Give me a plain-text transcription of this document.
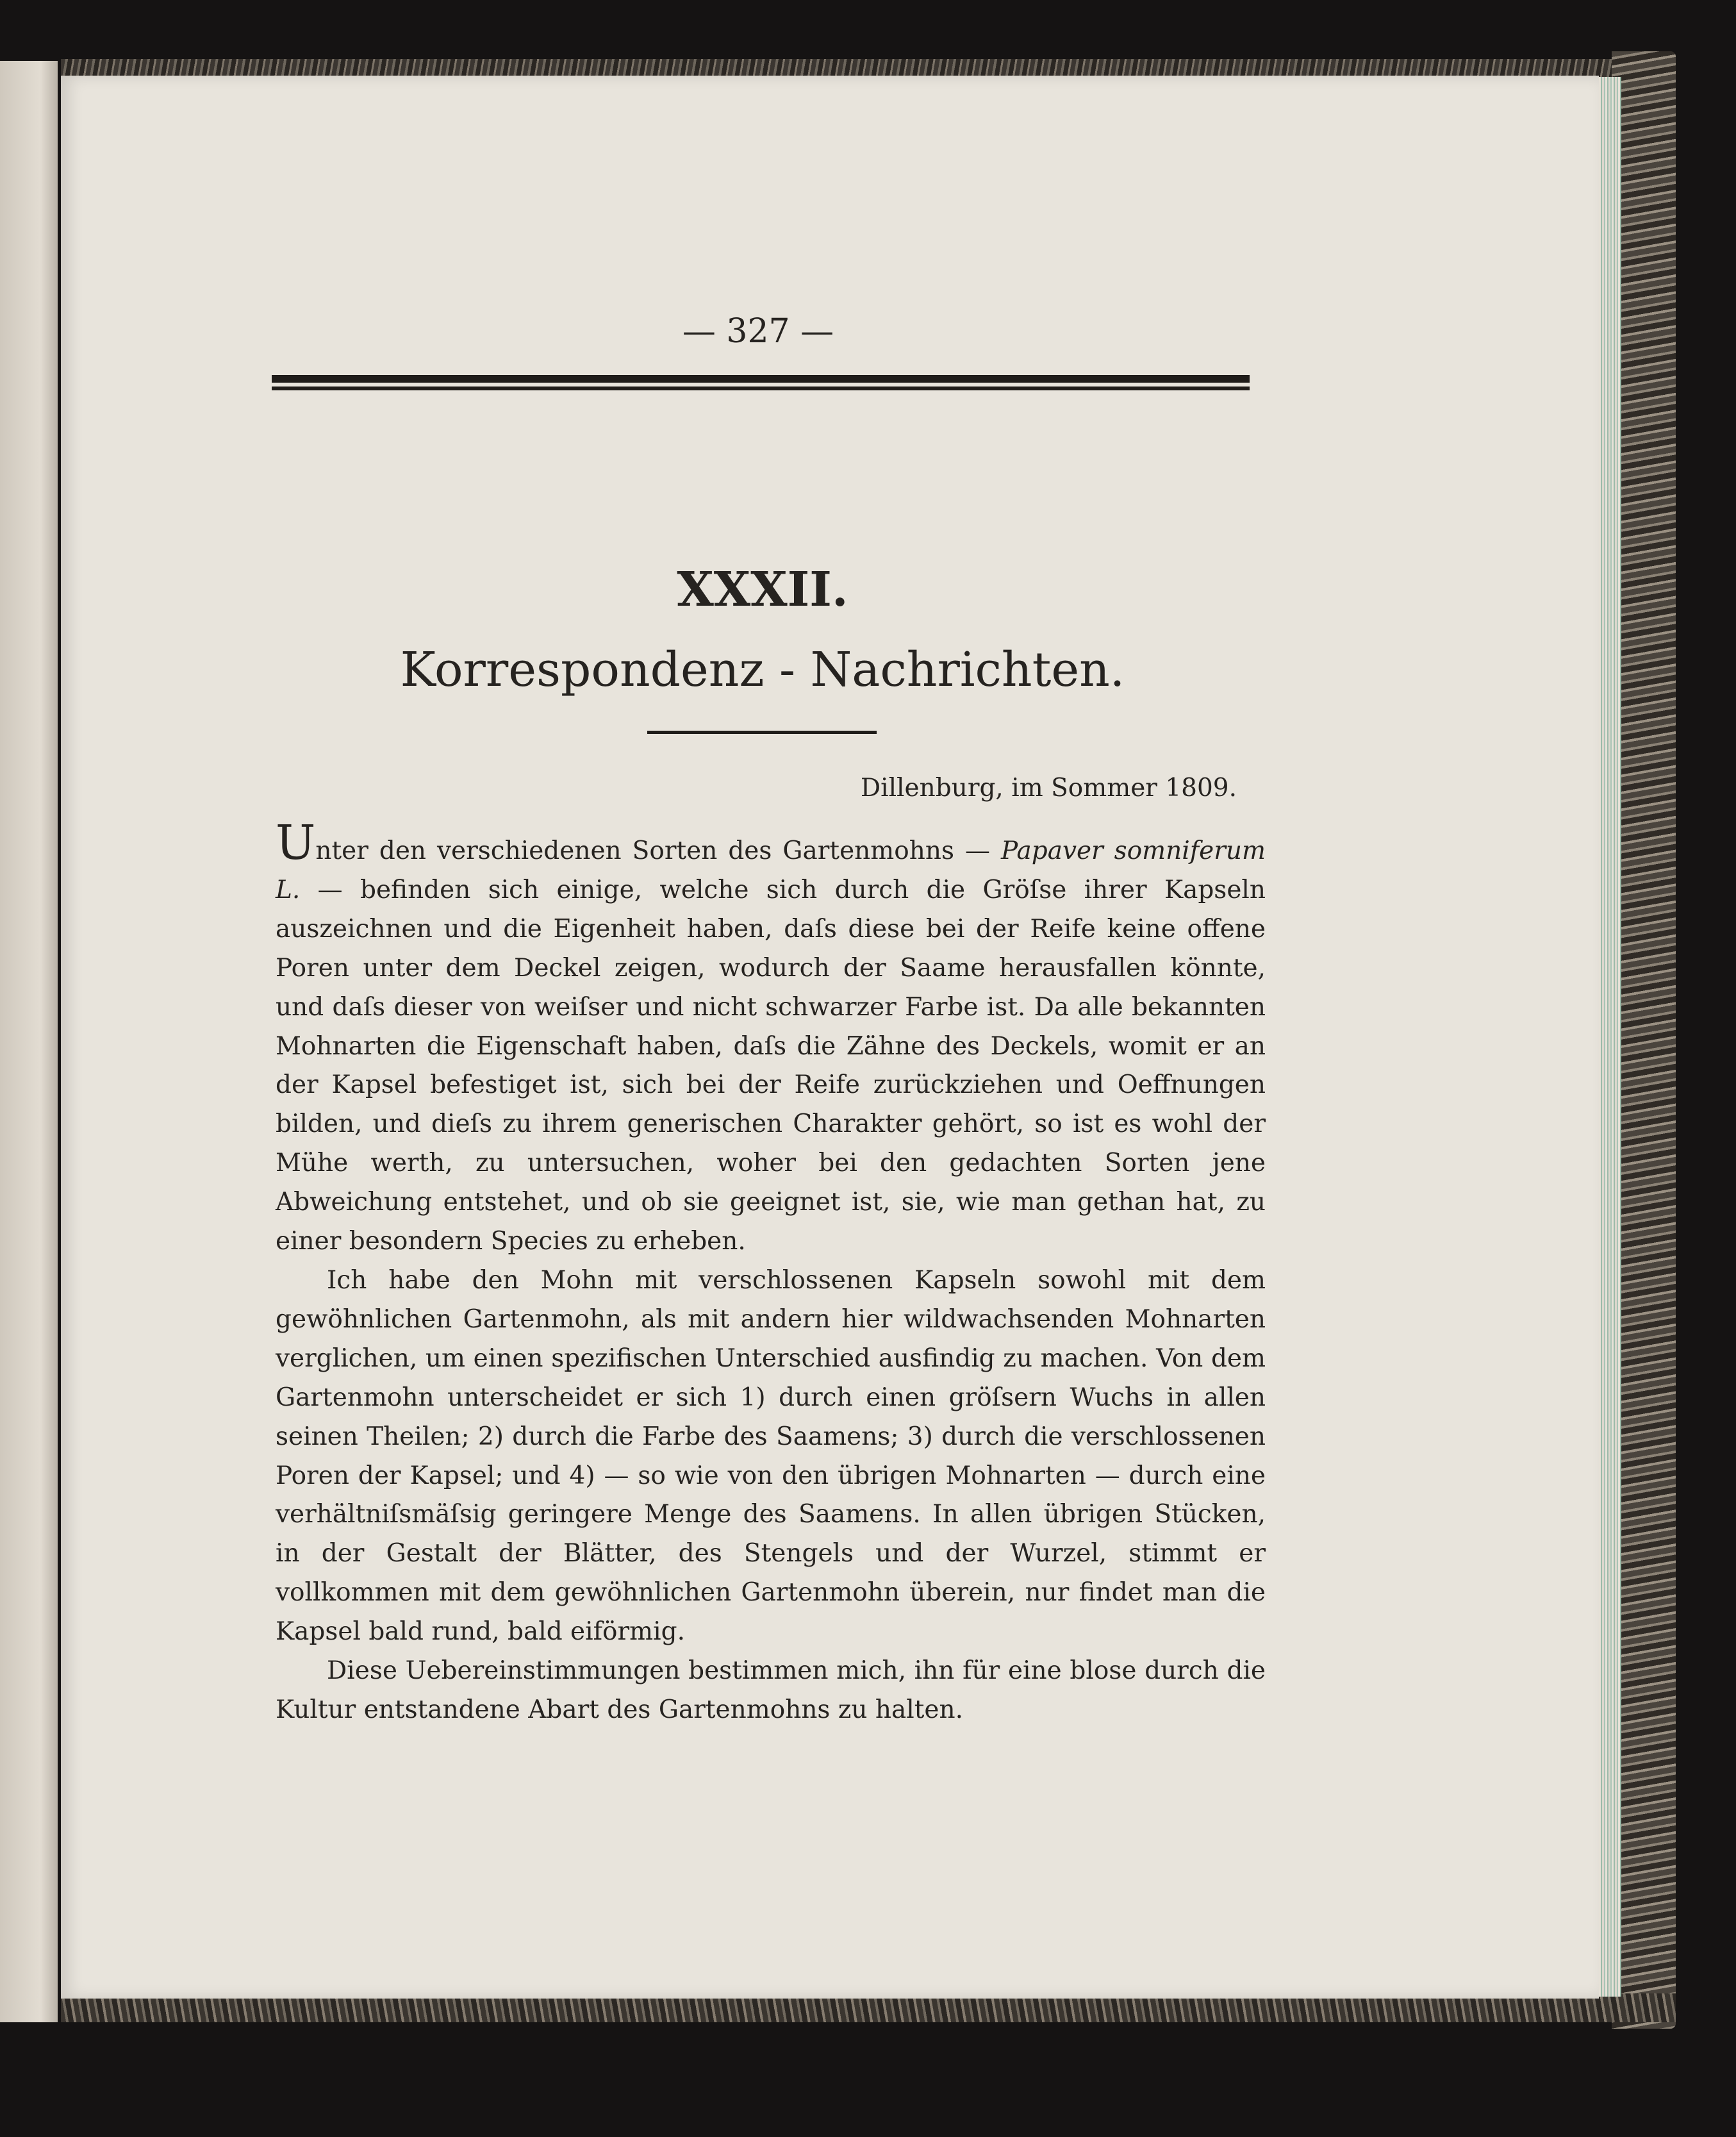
— 327 —
XXXII.
Korrespondenz - Nachrichten.
Dillenburg, im Sommer 1809.

Unter den verschiedenen Sorten des Gartenmohns — Papaver somniferum L. — befinden sich einige, welche sich durch die Gröſse ihrer Kapseln auszeichnen und die Eigenheit haben, daſs diese bei der Reife keine offene Poren unter dem Deckel zeigen, wodurch der Saame herausfallen könnte, und daſs dieser von weiſser und nicht schwarzer Farbe ist. Da alle bekannten Mohnarten die Eigenschaft haben, daſs die Zähne des Deckels, womit er an der Kapsel befestiget ist, sich bei der Reife zurückziehen und Oeffnungen bilden, und dieſs zu ihrem generischen Charakter gehört, so ist es wohl der Mühe werth, zu untersuchen, woher bei den gedachten Sorten jene Abweichung entstehet, und ob sie geeignet ist, sie, wie man gethan hat, zu einer besondern Species zu erheben.

Ich habe den Mohn mit verschlossenen Kapseln sowohl mit dem gewöhnlichen Gartenmohn, als mit andern hier wildwachsenden Mohnarten verglichen, um einen spezifischen Unterschied ausfindig zu machen. Von dem Gartenmohn unterscheidet er sich 1) durch einen gröſsern Wuchs in allen seinen Theilen; 2) durch die Farbe des Saamens; 3) durch die verschlossenen Poren der Kapsel; und 4) — so wie von den übrigen Mohnarten — durch eine verhältniſsmäſsig geringere Menge des Saamens. In allen übrigen Stücken, in der Gestalt der Blätter, des Stengels und der Wurzel, stimmt er vollkommen mit dem gewöhnlichen Gartenmohn überein, nur findet man die Kapsel bald rund, bald eiförmig.

Diese Uebereinstimmungen bestimmen mich, ihn für eine blose durch die Kultur entstandene Abart des Gartenmohns zu halten.
